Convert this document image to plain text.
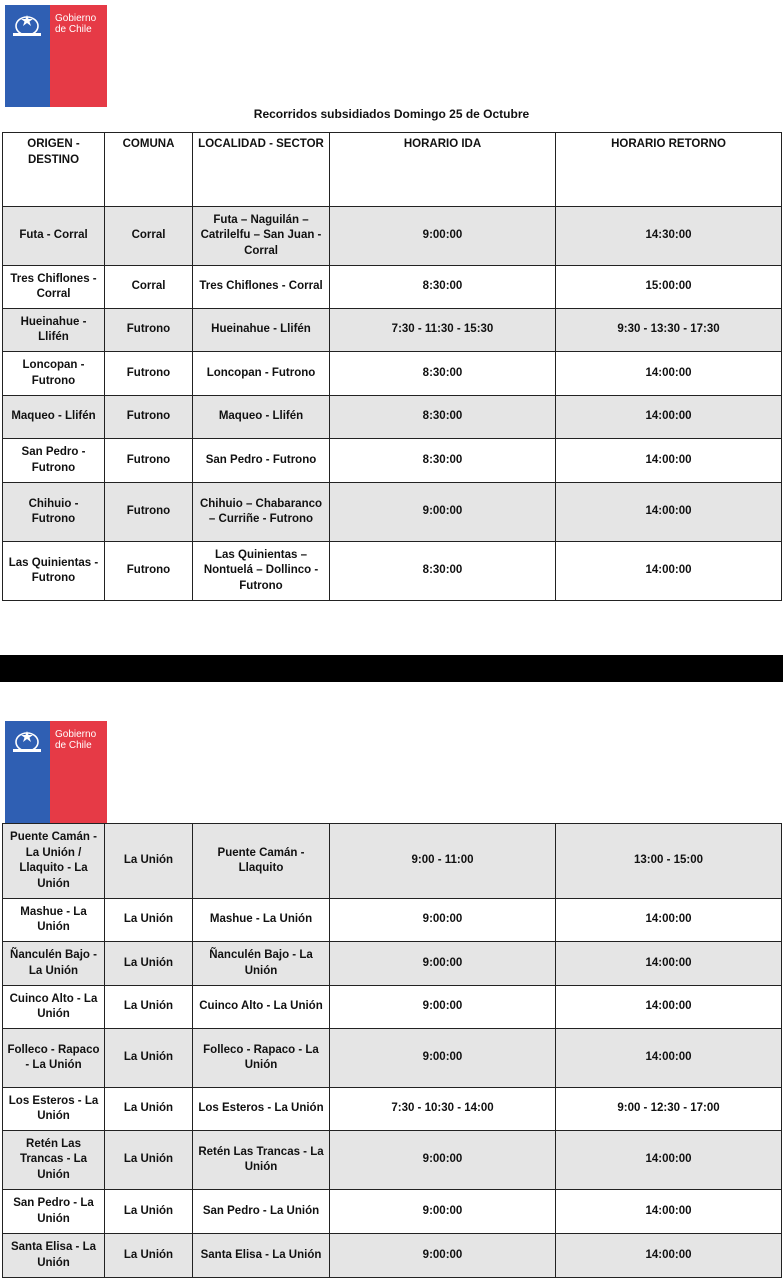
Gobierno de Chile
Recorridos subsidiados Domingo 25 de Octubre
ORIGEN - DESTINO	COMUNA	LOCALIDAD - SECTOR	HORARIO IDA	HORARIO RETORNO
Futa - Corral	Corral	Futa – Naguilán – Catrilelfu – San Juan - Corral	9:00:00	14:30:00
Tres Chiflones - Corral	Corral	Tres Chiflones - Corral	8:30:00	15:00:00
Hueinahue - Llifén	Futrono	Hueinahue - Llifén	7:30 - 11:30 - 15:30	9:30 - 13:30 - 17:30
Loncopan - Futrono	Futrono	Loncopan - Futrono	8:30:00	14:00:00
Maqueo - Llifén	Futrono	Maqueo - Llifén	8:30:00	14:00:00
San Pedro - Futrono	Futrono	San Pedro - Futrono	8:30:00	14:00:00
Chihuio - Futrono	Futrono	Chihuio – Chabaranco – Curriñe - Futrono	9:00:00	14:00:00
Las Quinientas - Futrono	Futrono	Las Quinientas – Nontuelá – Dollinco - Futrono	8:30:00	14:00:00
Gobierno de Chile
Puente Camán - La Unión / Llaquito - La Unión	La Unión	Puente Camán - Llaquito	9:00 - 11:00	13:00 - 15:00
Mashue - La Unión	La Unión	Mashue - La Unión	9:00:00	14:00:00
Ñanculén Bajo - La Unión	La Unión	Ñanculén Bajo - La Unión	9:00:00	14:00:00
Cuinco Alto - La Unión	La Unión	Cuinco Alto - La Unión	9:00:00	14:00:00
Folleco - Rapaco - La Unión	La Unión	Folleco - Rapaco - La Unión	9:00:00	14:00:00
Los Esteros - La Unión	La Unión	Los Esteros - La Unión	7:30 - 10:30 - 14:00	9:00 - 12:30 - 17:00
Retén Las Trancas - La Unión	La Unión	Retén Las Trancas - La Unión	9:00:00	14:00:00
San Pedro - La Unión	La Unión	San Pedro - La Unión	9:00:00	14:00:00
Santa Elisa - La Unión	La Unión	Santa Elisa - La Unión	9:00:00	14:00:00
